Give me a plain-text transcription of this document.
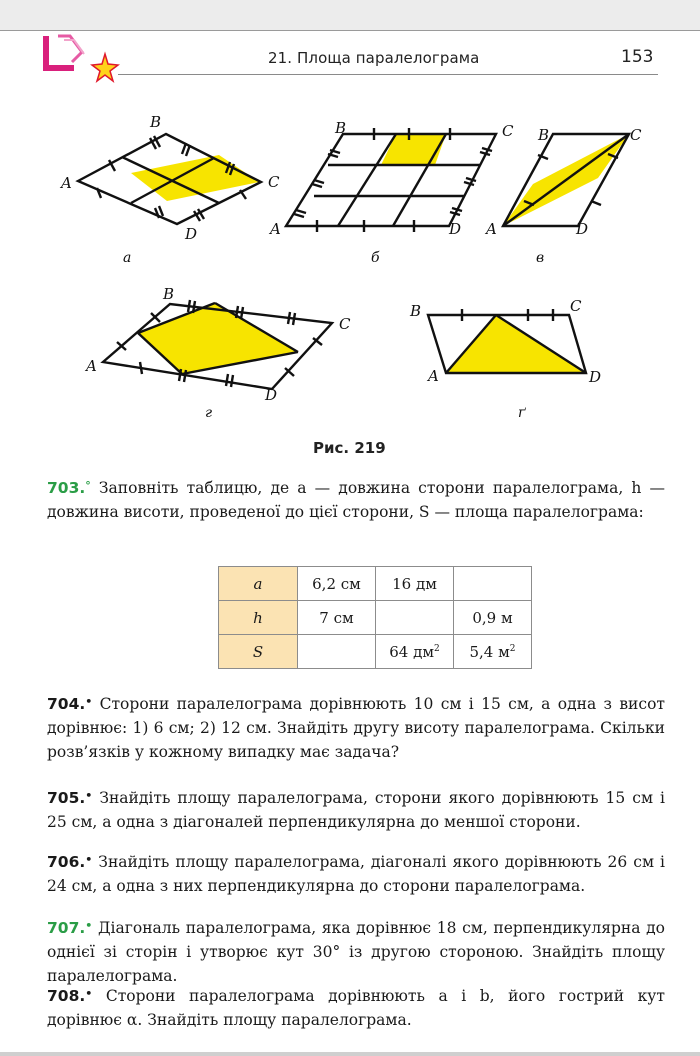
21. Площа паралелограма	153
A
B
C
D
а
A
B	C
D
б
A
B	C
D
в
A
B
C
D
г
A
B	C
D
ґ
Рис. 219
703.° Заповніть таблицю, де a — довжина сторони паралелограма, h — довжина висоти, проведеної до цієї сторони, S — площа паралелограма:
a	6,2 см	16 дм	
h	7 см		0,9 м
S		64 $дм^2$	5,4 $м^2$
704.• Сторони паралелограма дорівнюють 10 см і 15 см, а одна з висот дорівнює: 1) 6 см; 2) 12 см. Знайдіть другу висоту паралелограма. Скільки розв’язків у кожному випадку має задача?
705.• Знайдіть площу паралелограма, сторони якого дорівнюють 15 см і 25 см, а одна з діагоналей перпендикулярна до меншої сторони.
706.• Знайдіть площу паралелограма, діагоналі якого дорівнюють 26 см і 24 см, а одна з них перпендикулярна до сторони паралелограма.
707.• Діагональ паралелограма, яка дорівнює 18 см, перпендикулярна до однієї зі сторін і утворює кут 30° із другою стороною. Знайдіть площу паралелограма.
708.• Сторони паралелограма дорівнюють a і b, його гострий кут дорівнює α. Знайдіть площу паралелограма.
